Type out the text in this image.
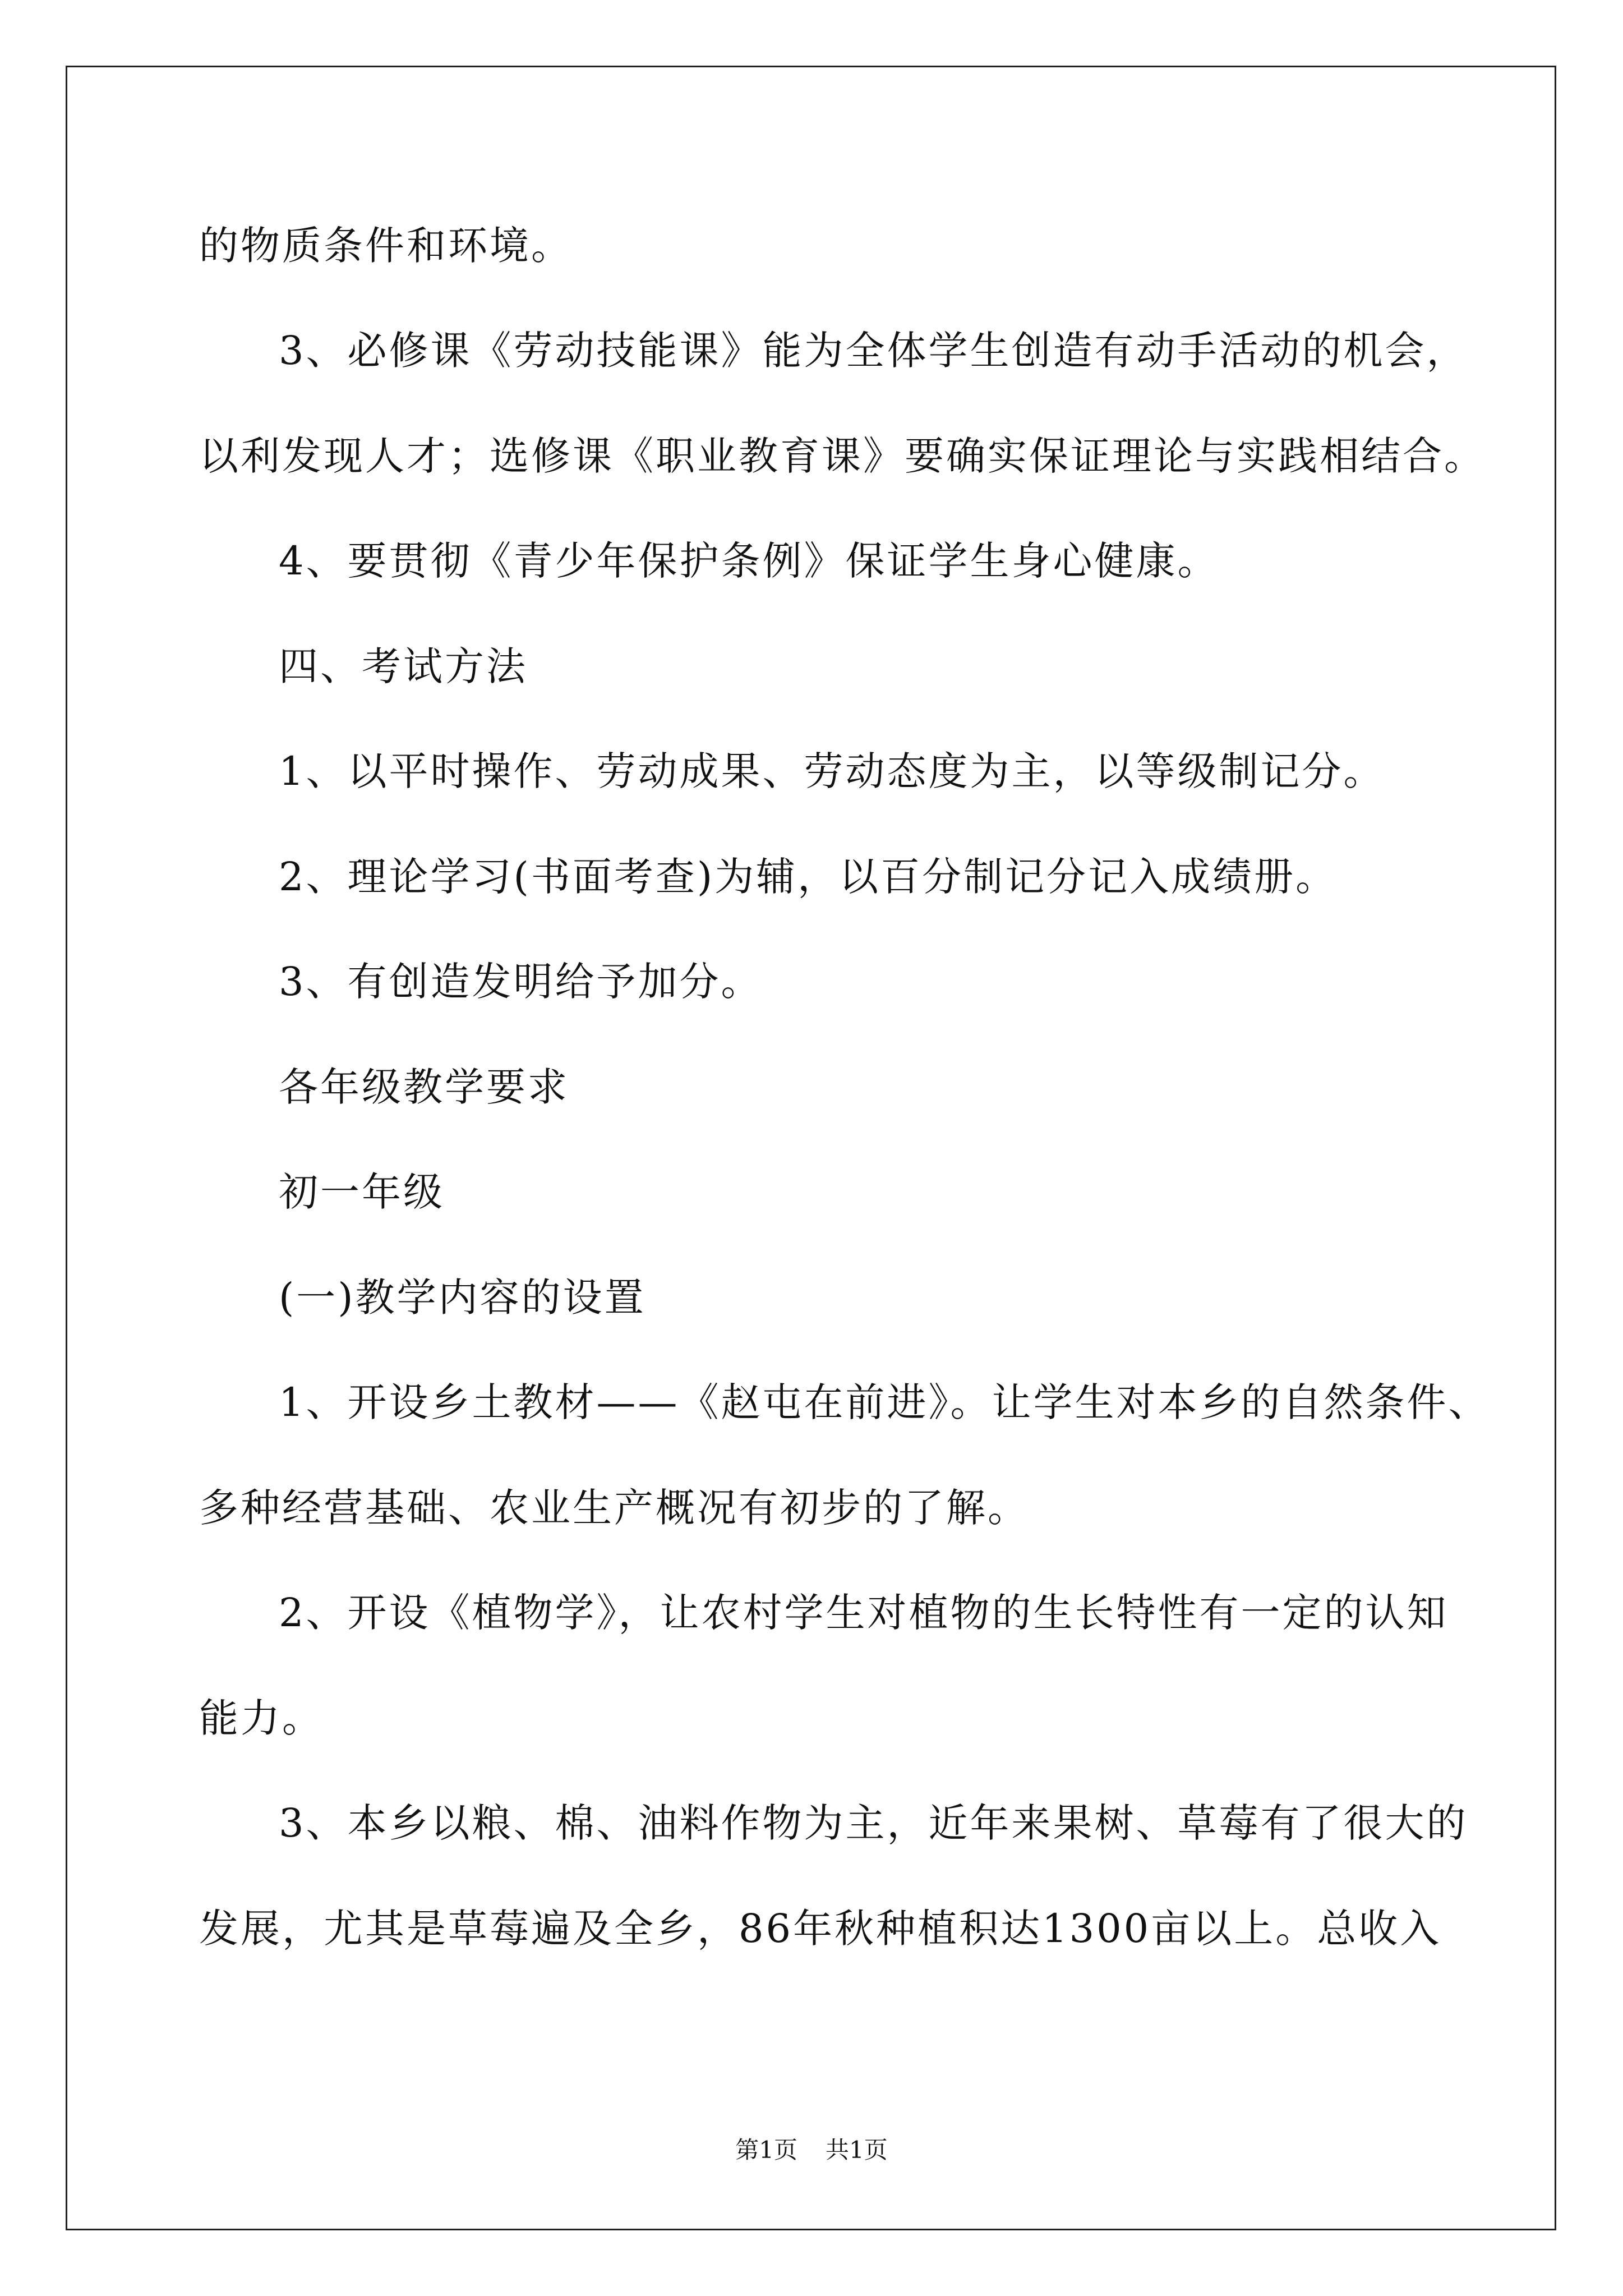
的物质条件和环境。
3、必修课《劳动技能课》能为全体学生创造有动手活动的机会，
以利发现人才；选修课《职业教育课》要确实保证理论与实践相结合。
4、要贯彻《青少年保护条例》保证学生身心健康。
四、考试方法
1、以平时操作、劳动成果、劳动态度为主，以等级制记分。
2、理论学习(书面考查)为辅，以百分制记分记入成绩册。
3、有创造发明给予加分。
各年级教学要求
初一年级
(一)教学内容的设置
1、开设乡土教材——《赵屯在前进》。让学生对本乡的自然条件、
多种经营基础、农业生产概况有初步的了解。
2、开设《植物学》，让农村学生对植物的生长特性有一定的认知
能力。
3、本乡以粮、棉、油料作物为主，近年来果树、草莓有了很大的
发展，尤其是草莓遍及全乡，86年秋种植积达1300亩以上。总收入
第1页 共1页
